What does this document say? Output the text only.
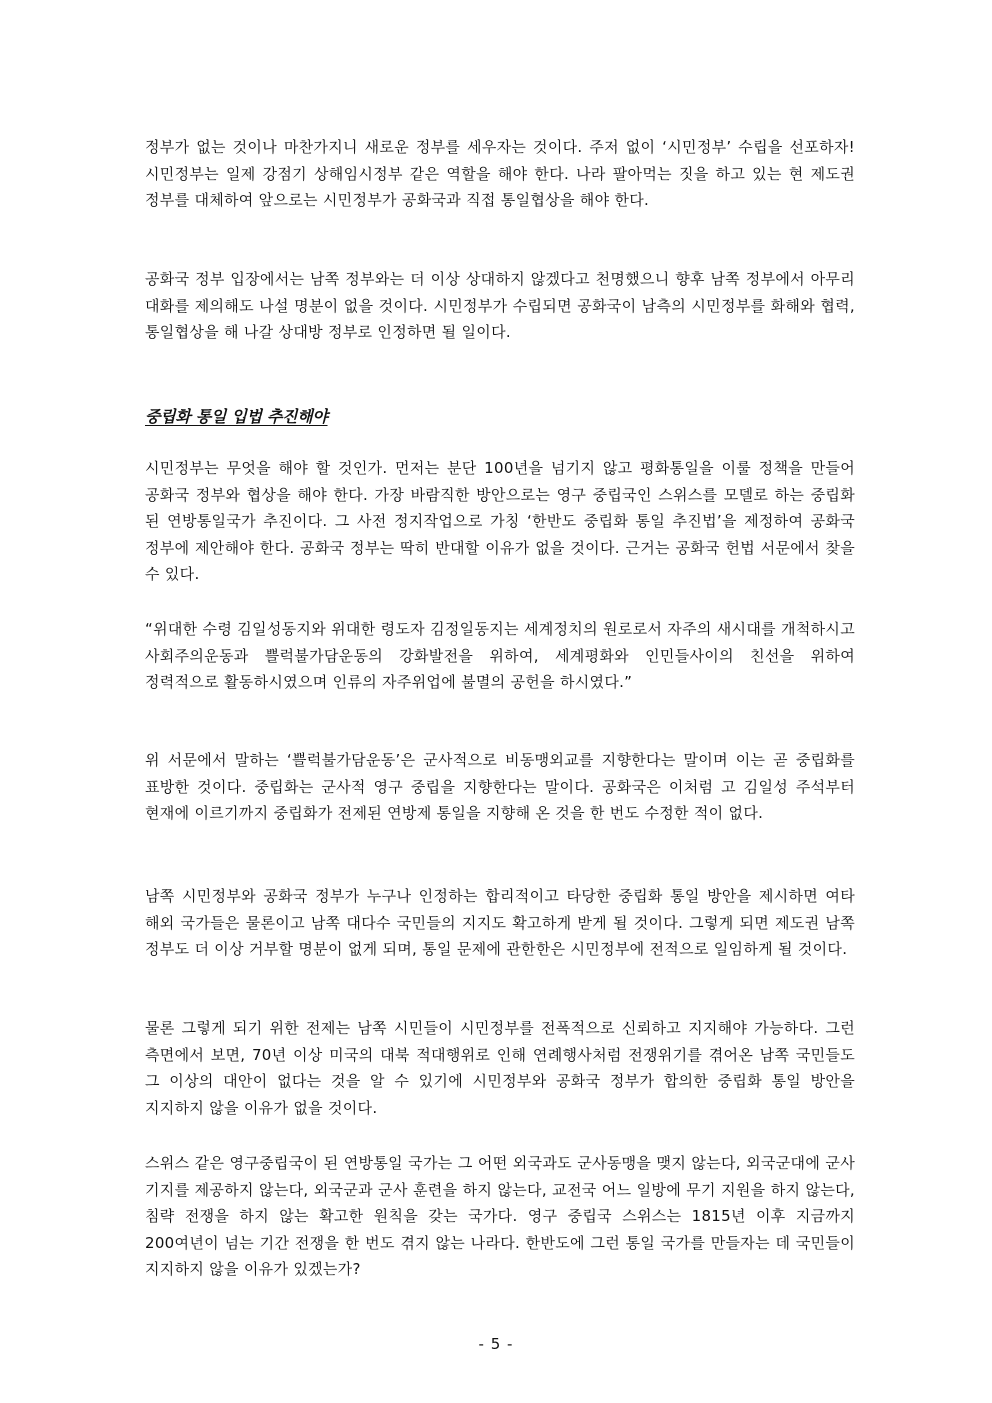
정부가 없는 것이나 마찬가지니 새로운 정부를 세우자는 것이다. 주저 없이 ‘시민정부’ 수립을 선포하자! 시민정부는 일제 강점기 상해임시정부 같은 역할을 해야 한다. 나라 팔아먹는 짓을 하고 있는 현 제도권 정부를 대체하여 앞으로는 시민정부가 공화국과 직접 통일협상을 해야 한다.

공화국 정부 입장에서는 남쪽 정부와는 더 이상 상대하지 않겠다고 천명했으니 향후 남쪽 정부에서 아무리 대화를 제의해도 나설 명분이 없을 것이다. 시민정부가 수립되면 공화국이 남측의 시민정부를 화해와 협력, 통일협상을 해 나갈 상대방 정부로 인정하면 될 일이다.

중립화 통일 입법 추진해야

시민정부는 무엇을 해야 할 것인가. 먼저는 분단 100년을 넘기지 않고 평화통일을 이룰 정책을 만들어 공화국 정부와 협상을 해야 한다. 가장 바람직한 방안으로는 영구 중립국인 스위스를 모델로 하는 중립화 된 연방통일국가 추진이다. 그 사전 정지작업으로 가칭 ‘한반도 중립화 통일 추진법’을 제정하여 공화국 정부에 제안해야 한다. 공화국 정부는 딱히 반대할 이유가 없을 것이다. 근거는 공화국 헌법 서문에서 찾을 수 있다.

“위대한 수령 김일성동지와 위대한 령도자 김정일동지는 세계정치의 원로로서 자주의 새시대를 개척하시고 사회주의운동과 쁠럭불가담운동의 강화발전을 위하여, 세계평화와 인민들사이의 친선을 위하여 정력적으로 활동하시였으며 인류의 자주위업에 불멸의 공헌을 하시였다.”

위 서문에서 말하는 ‘쁠럭불가담운동’은 군사적으로 비동맹외교를 지향한다는 말이며 이는 곧 중립화를 표방한 것이다. 중립화는 군사적 영구 중립을 지향한다는 말이다. 공화국은 이처럼 고 김일성 주석부터 현재에 이르기까지 중립화가 전제된 연방제 통일을 지향해 온 것을 한 번도 수정한 적이 없다.

남쪽 시민정부와 공화국 정부가 누구나 인정하는 합리적이고 타당한 중립화 통일 방안을 제시하면 여타 해외 국가들은 물론이고 남쪽 대다수 국민들의 지지도 확고하게 받게 될 것이다. 그렇게 되면 제도권 남쪽 정부도 더 이상 거부할 명분이 없게 되며, 통일 문제에 관한한은 시민정부에 전적으로 일임하게 될 것이다.

물론 그렇게 되기 위한 전제는 남쪽 시민들이 시민정부를 전폭적으로 신뢰하고 지지해야 가능하다. 그런 측면에서 보면, 70년 이상 미국의 대북 적대행위로 인해 연례행사처럼 전쟁위기를 겪어온 남쪽 국민들도 그 이상의 대안이 없다는 것을 알 수 있기에 시민정부와 공화국 정부가 합의한 중립화 통일 방안을 지지하지 않을 이유가 없을 것이다.

스위스 같은 영구중립국이 된 연방통일 국가는 그 어떤 외국과도 군사동맹을 맺지 않는다, 외국군대에 군사 기지를 제공하지 않는다, 외국군과 군사 훈련을 하지 않는다, 교전국 어느 일방에 무기 지원을 하지 않는다, 침략 전쟁을 하지 않는 확고한 원칙을 갖는 국가다. 영구 중립국 스위스는 1815년 이후 지금까지 200여년이 넘는 기간 전쟁을 한 번도 겪지 않는 나라다. 한반도에 그런 통일 국가를 만들자는 데 국민들이 지지하지 않을 이유가 있겠는가?

- 5 -
